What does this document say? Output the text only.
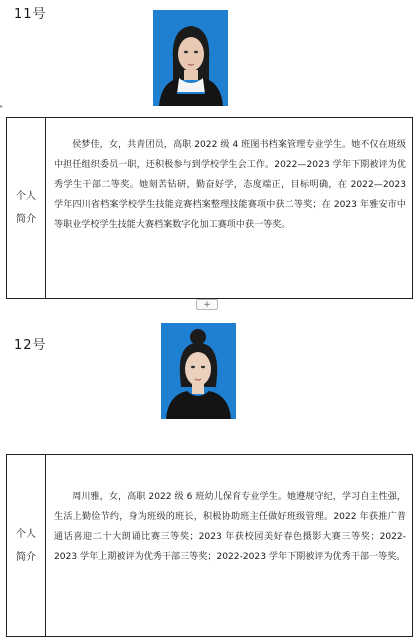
11号
▸
个人
简介
侯梦佳，女，共青团员，高职 2022 级 4 班图书档案管理专业学生。她不仅在班级中担任组织委员一职，还积极参与到学校学生会工作。2022—2023 学年下期被评为优秀学生干部二等奖。她刻苦钻研，勤奋好学，态度端正，目标明确，在 2022—2023 学年四川省档案学校学生技能竞赛档案整理技能赛项中获二等奖；在 2023 年雅安市中等职业学校学生技能大赛档案数字化加工赛项中获一等奖。
+
12号
个人
简介
周川雅，女，高职 2022 级 6 班幼儿保育专业学生。她遵规守纪，学习自主性强，生活上勤俭节约，身为班级的班长，积极协助班主任做好班级管理。2022 年获推广普通话喜迎二十大朗诵比赛三等奖；2023 年获校园美好春色摄影大赛三等奖；2022-2023 学年上期被评为优秀干部三等奖；2022-2023 学年下期被评为优秀干部一等奖。
